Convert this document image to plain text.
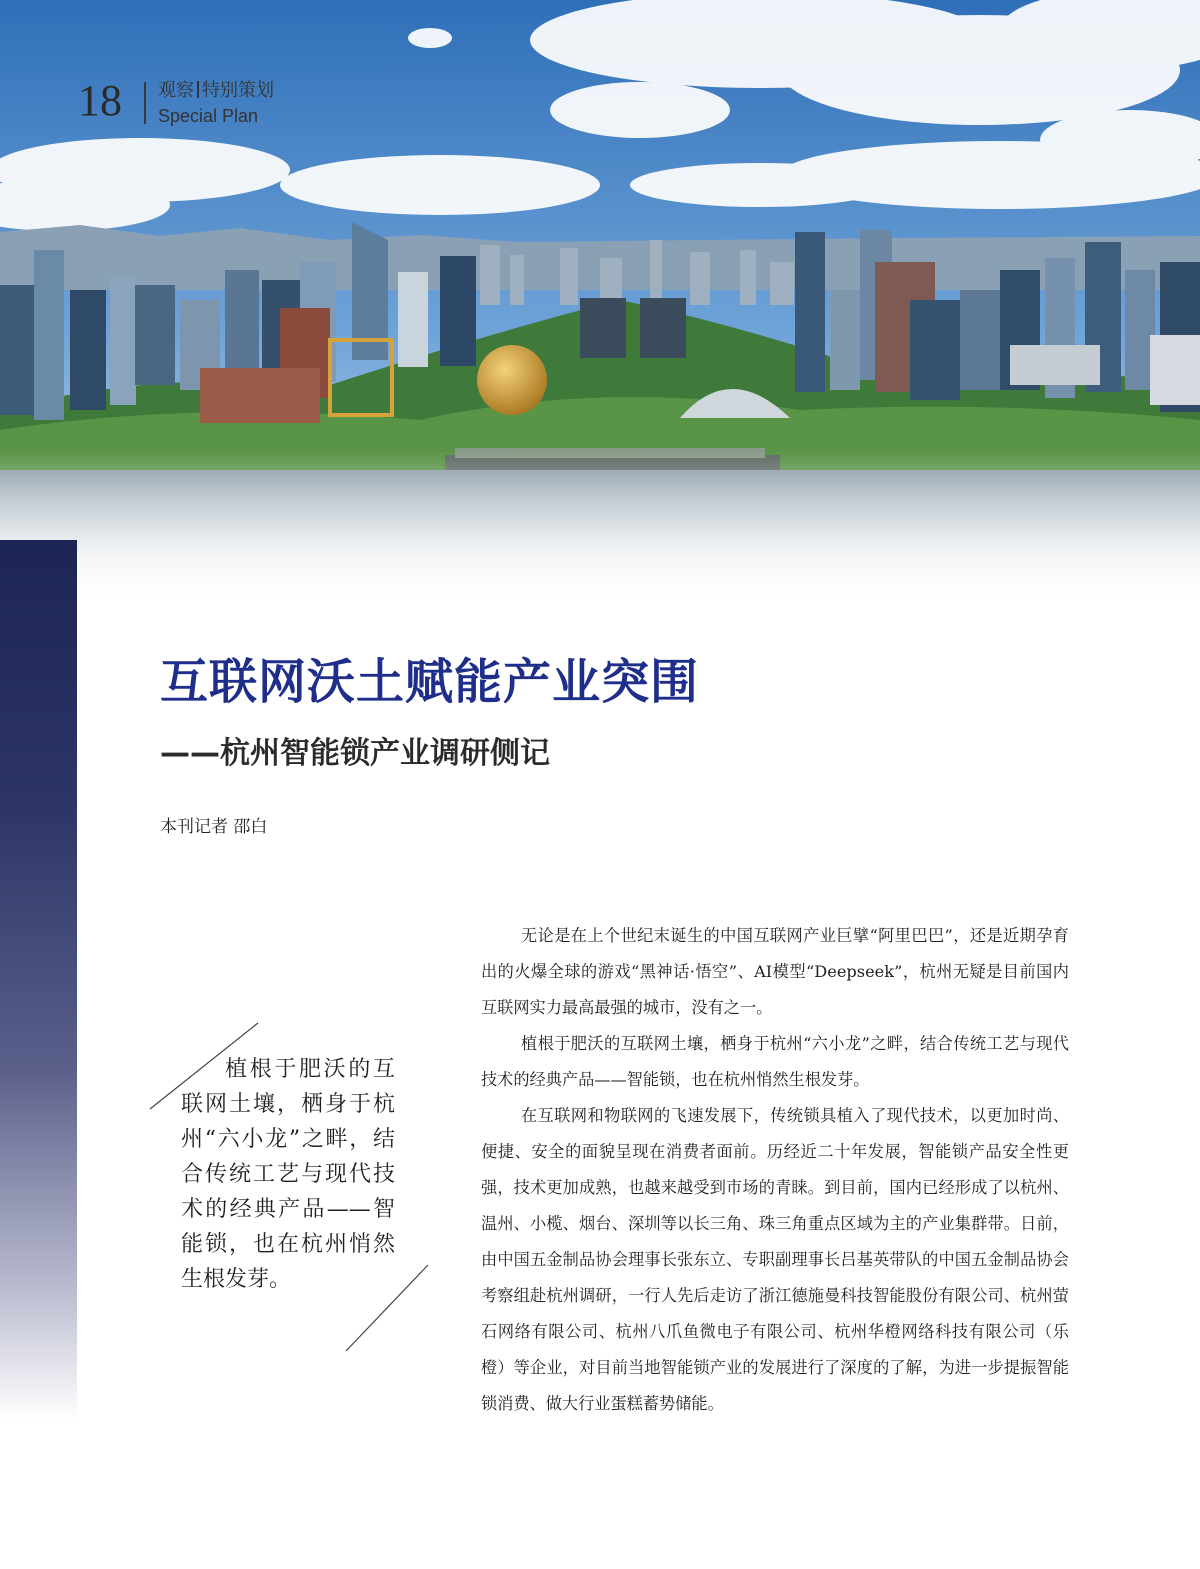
18 观察 特别策划
Special Plan
互联网沃土赋能产业突围
——杭州智能锁产业调研侧记
本刊记者 邵白
植根于肥沃的互联网土壤，栖身于杭州“六小龙”之畔，结合传统工艺与现代技术的经典产品——智能锁，也在杭州悄然生根发芽。

无论是在上个世纪末诞生的中国互联网产业巨擘“阿里巴巴”，还是近期孕育出的火爆全球的游戏“黑神话·悟空”、AI模型“Deepseek”，杭州无疑是目前国内互联网实力最高最强的城市，没有之一。

植根于肥沃的互联网土壤，栖身于杭州“六小龙”之畔，结合传统工艺与现代技术的经典产品——智能锁，也在杭州悄然生根发芽。

在互联网和物联网的飞速发展下，传统锁具植入了现代技术，以更加时尚、便捷、安全的面貌呈现在消费者面前。历经近二十年发展，智能锁产品安全性更强，技术更加成熟，也越来越受到市场的青睐。到目前，国内已经形成了以杭州、温州、小榄、烟台、深圳等以长三角、珠三角重点区域为主的产业集群带。日前，由中国五金制品协会理事长张东立、专职副理事长吕基英带队的中国五金制品协会考察组赴杭州调研，一行人先后走访了浙江德施曼科技智能股份有限公司、杭州萤石网络有限公司、杭州八爪鱼微电子有限公司、杭州华橙网络科技有限公司（乐橙）等企业，对目前当地智能锁产业的发展进行了深度的了解，为进一步提振智能锁消费、做大行业蛋糕蓄势储能。
